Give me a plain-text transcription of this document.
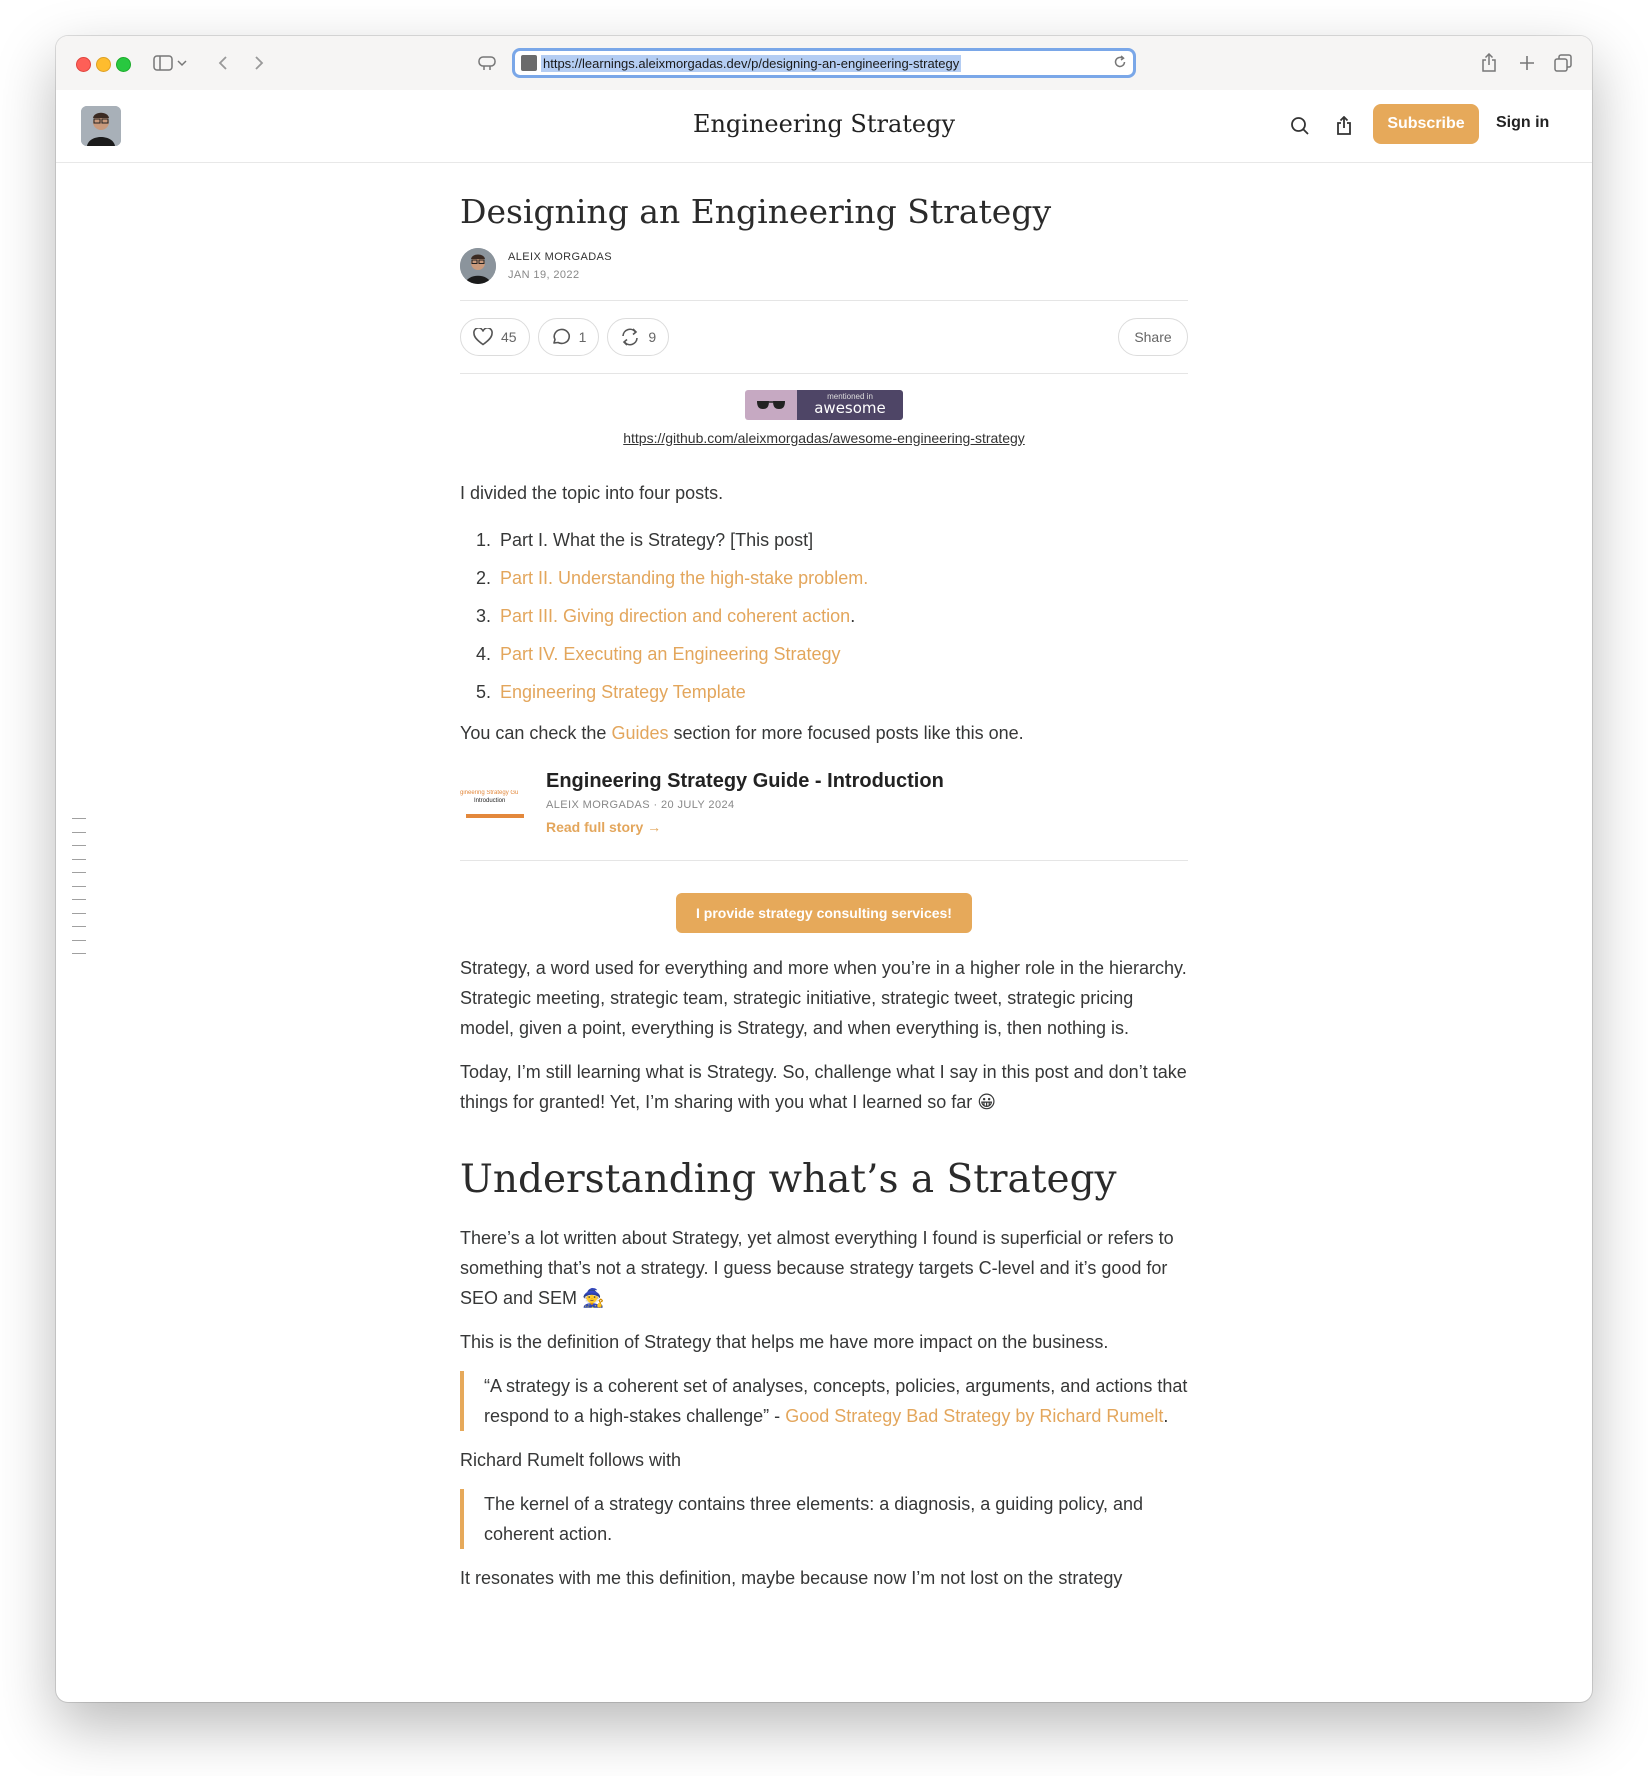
https://learnings.aleixmorgadas.dev/p/designing-an-engineering-strategy
Engineering Strategy	Subscribe	Sign in
Designing an Engineering Strategy
ALEIX MORGADAS
JAN 19, 2022
45	1	9	Share
mentioned in
awesome
https://github.com/aleixmorgadas/awesome-engineering-strategy

I divided the topic into four posts.

1. Part I. What the is Strategy? [This post]
2. Part II. Understanding the high-stake problem.
3. Part III. Giving direction and coherent action.
4. Part IV. Executing an Engineering Strategy
5. Engineering Strategy Template

You can check the Guides section for more focused posts like this one.

gineering Strategy Gu
Introduction
Engineering Strategy Guide - Introduction
ALEIX MORGADAS · 20 JULY 2024
Read full story →
I provide strategy consulting services!

Strategy, a word used for everything and more when you’re in a higher role in the hierarchy. Strategic meeting, strategic team, strategic initiative, strategic tweet, strategic pricing model, given a point, everything is Strategy, and when everything is, then nothing is.

Today, I’m still learning what is Strategy. So, challenge what I say in this post and don’t take things for granted! Yet, I’m sharing with you what I learned so far 😀

Understanding what’s a Strategy

There’s a lot written about Strategy, yet almost everything I found is superficial or refers to something that’s not a strategy. I guess because strategy targets C-level and it’s good for SEO and SEM 🧙

This is the definition of Strategy that helps me have more impact on the business.

“A strategy is a coherent set of analyses, concepts, policies, arguments, and actions that respond to a high-stakes challenge” - Good Strategy Bad Strategy by Richard Rumelt.

Richard Rumelt follows with

The kernel of a strategy contains three elements: a diagnosis, a guiding policy, and coherent action.

It resonates with me this definition, maybe because now I’m not lost on the strategy
